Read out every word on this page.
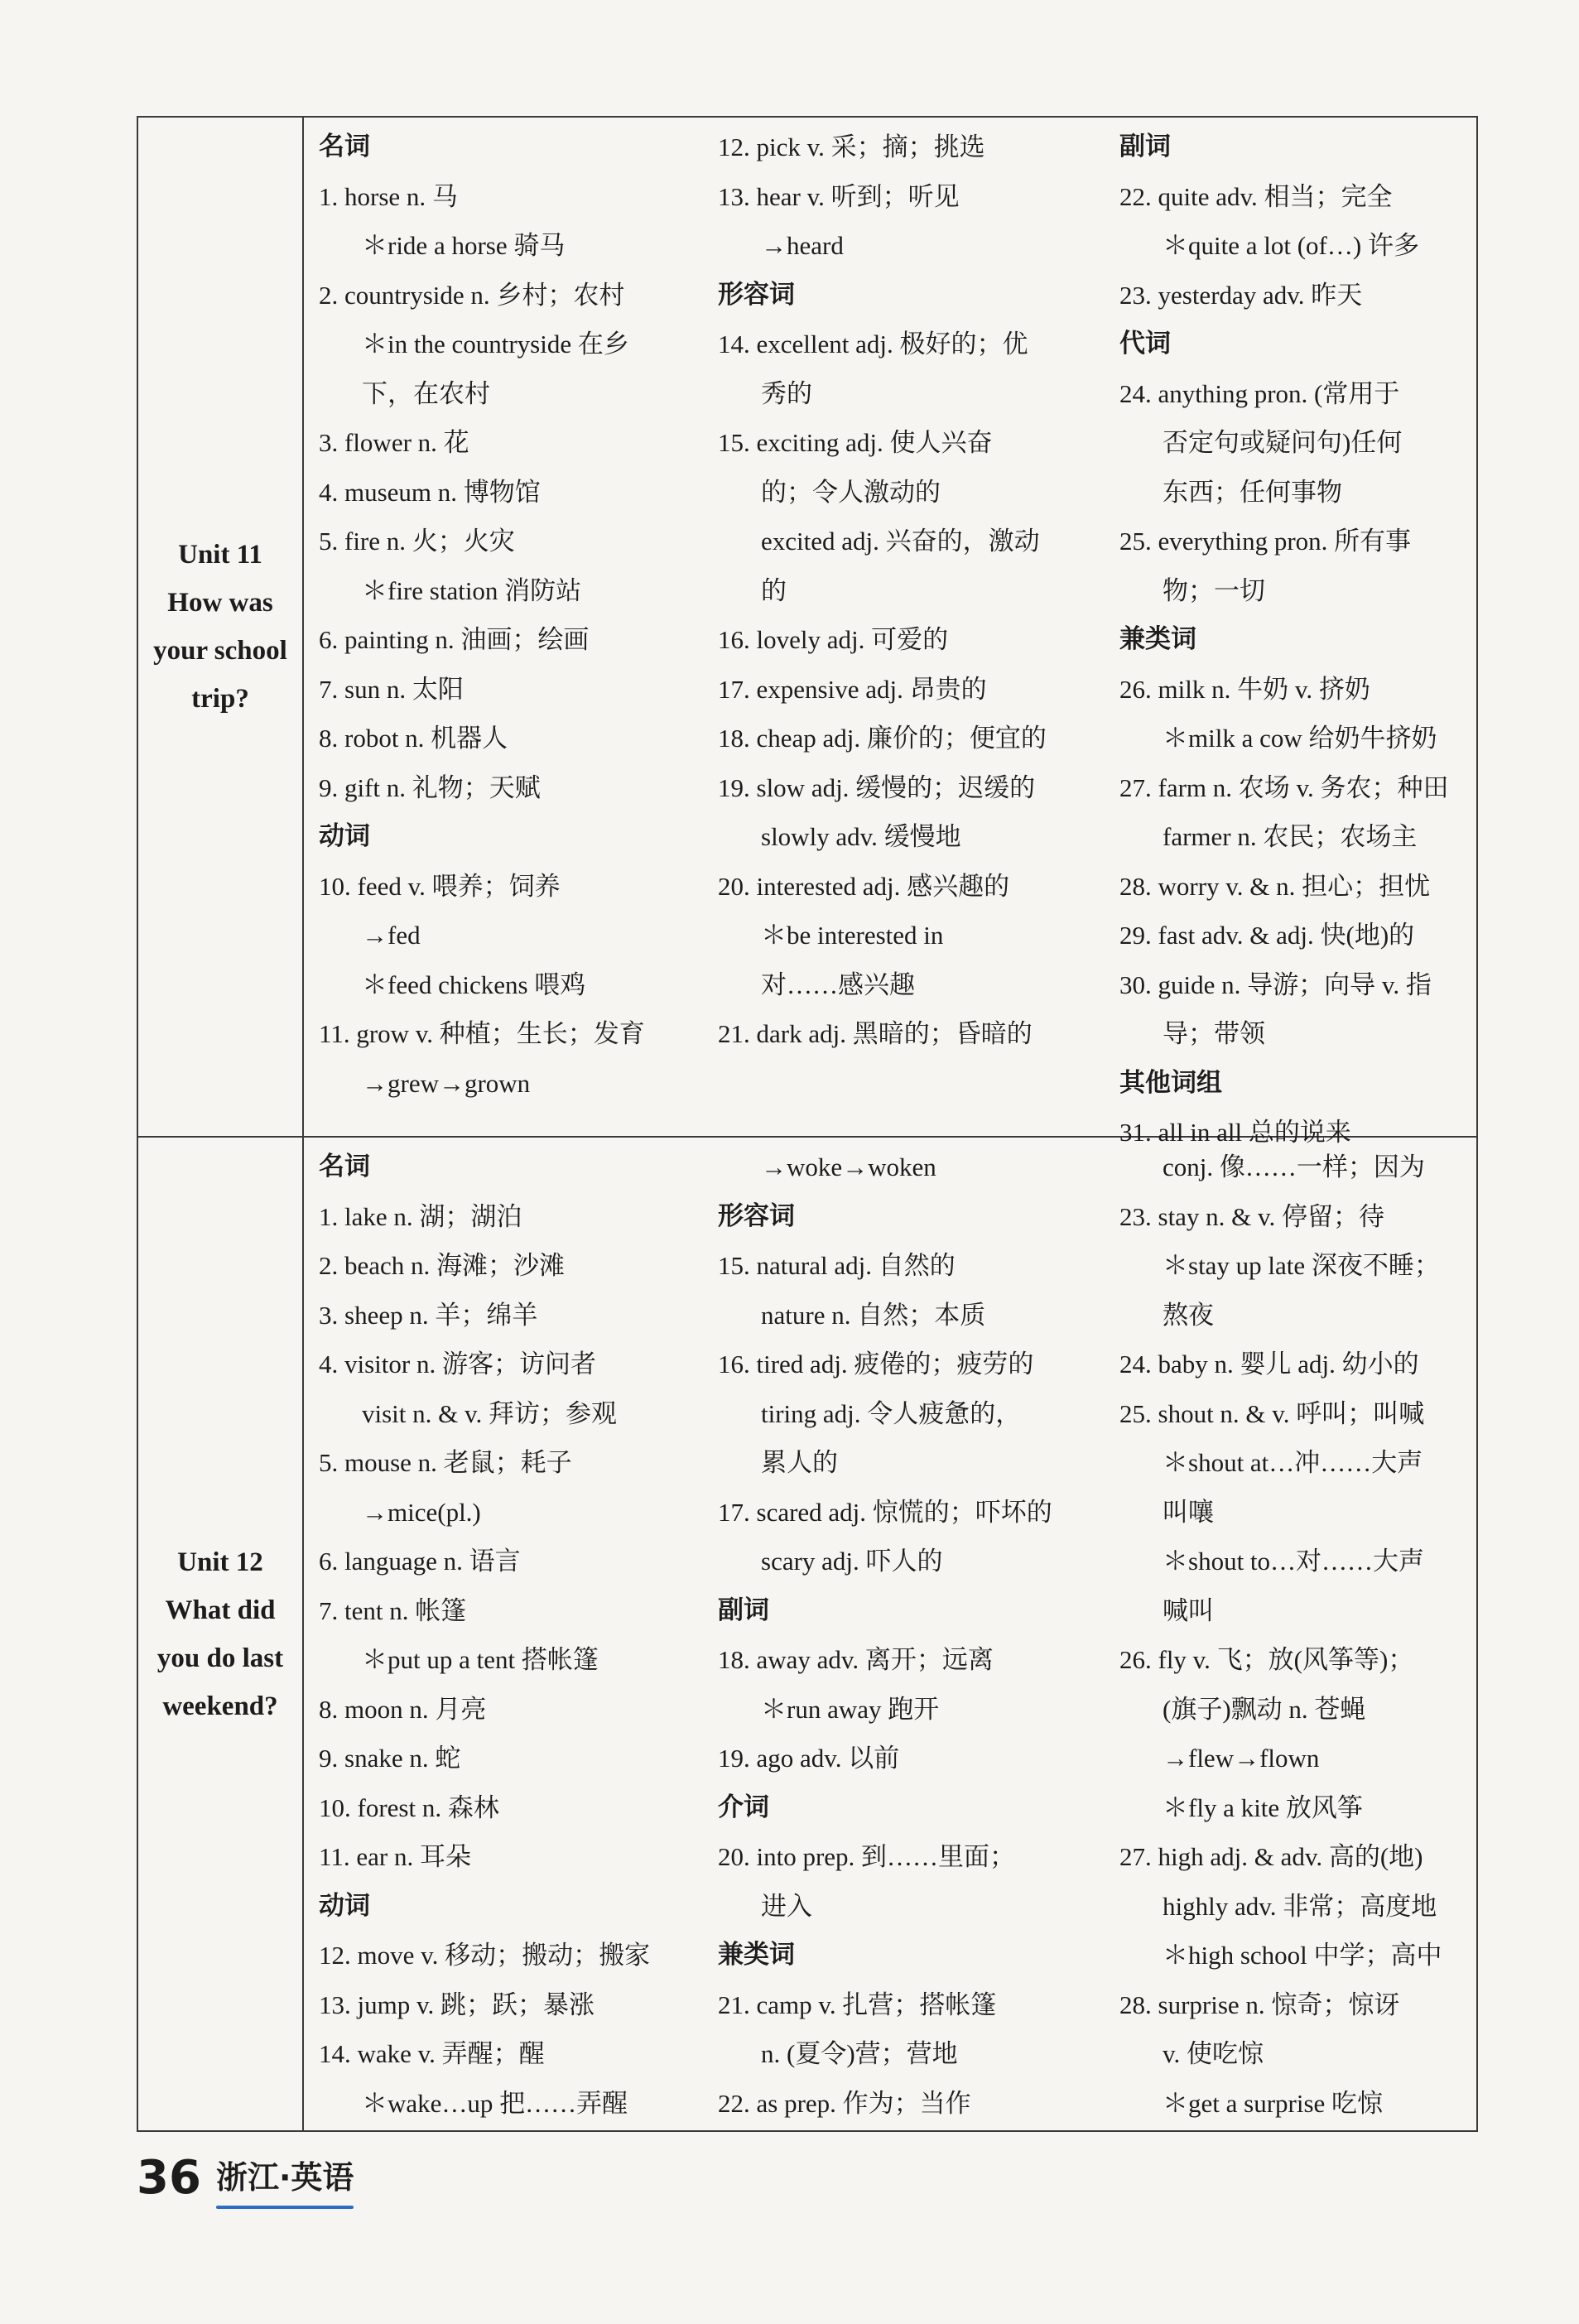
Unit 11
How was
your school
trip?
名词
1. horse n. 马
＊ride a horse 骑马
2. countryside n. 乡村；农村
＊in the countryside 在乡
下，在农村
3. flower n. 花
4. museum n. 博物馆
5. fire n. 火；火灾
＊fire station 消防站
6. painting n. 油画；绘画
7. sun n. 太阳
8. robot n. 机器人
9. gift n. 礼物；天赋
动词
10. feed v. 喂养；饲养
→fed
＊feed chickens 喂鸡
11. grow v. 种植；生长；发育
→grew→grown
12. pick v. 采；摘；挑选
13. hear v. 听到；听见
→heard
形容词
14. excellent adj. 极好的；优
秀的
15. exciting adj. 使人兴奋
的；令人激动的
excited adj. 兴奋的，激动
的
16. lovely adj. 可爱的
17. expensive adj. 昂贵的
18. cheap adj. 廉价的；便宜的
19. slow adj. 缓慢的；迟缓的
slowly adv. 缓慢地
20. interested adj. 感兴趣的
＊be interested in
对……感兴趣
21. dark adj. 黑暗的；昏暗的
副词
22. quite adv. 相当；完全
＊quite a lot (of…) 许多
23. yesterday adv. 昨天
代词
24. anything pron. (常用于
否定句或疑问句)任何
东西；任何事物
25. everything pron. 所有事
物；一切
兼类词
26. milk n. 牛奶 v. 挤奶
＊milk a cow 给奶牛挤奶
27. farm n. 农场 v. 务农；种田
farmer n. 农民；农场主
28. worry v. & n. 担心；担忧
29. fast adv. & adj. 快(地)的
30. guide n. 导游；向导 v. 指
导；带领
其他词组
31. all in all 总的说来
Unit 12
What did
you do last
weekend?
名词
1. lake n. 湖；湖泊
2. beach n. 海滩；沙滩
3. sheep n. 羊；绵羊
4. visitor n. 游客；访问者
visit n. & v. 拜访；参观
5. mouse n. 老鼠；耗子
→mice(pl.)
6. language n. 语言
7. tent n. 帐篷
＊put up a tent 搭帐篷
8. moon n. 月亮
9. snake n. 蛇
10. forest n. 森林
11. ear n. 耳朵
动词
12. move v. 移动；搬动；搬家
13. jump v. 跳；跃；暴涨
14. wake v. 弄醒；醒
＊wake…up 把……弄醒
→woke→woken
形容词
15. natural adj. 自然的
nature n. 自然；本质
16. tired adj. 疲倦的；疲劳的
tiring adj. 令人疲惫的，
累人的
17. scared adj. 惊慌的；吓坏的
scary adj. 吓人的
副词
18. away adv. 离开；远离
＊run away 跑开
19. ago adv. 以前
介词
20. into prep. 到……里面；
进入
兼类词
21. camp v. 扎营；搭帐篷
n. (夏令)营；营地
22. as prep. 作为；当作
conj. 像……一样；因为
23. stay n. & v. 停留；待
＊stay up late 深夜不睡；
熬夜
24. baby n. 婴儿 adj. 幼小的
25. shout n. & v. 呼叫；叫喊
＊shout at…冲……大声
叫嚷
＊shout to…对……大声
喊叫
26. fly v. 飞；放(风筝等)；
(旗子)飘动 n. 苍蝇
→flew→flown
＊fly a kite 放风筝
27. high adj. & adv. 高的(地)
highly adv. 非常；高度地
＊high school 中学；高中
28. surprise n. 惊奇；惊讶
v. 使吃惊
＊get a surprise 吃惊
36 浙江·英语
